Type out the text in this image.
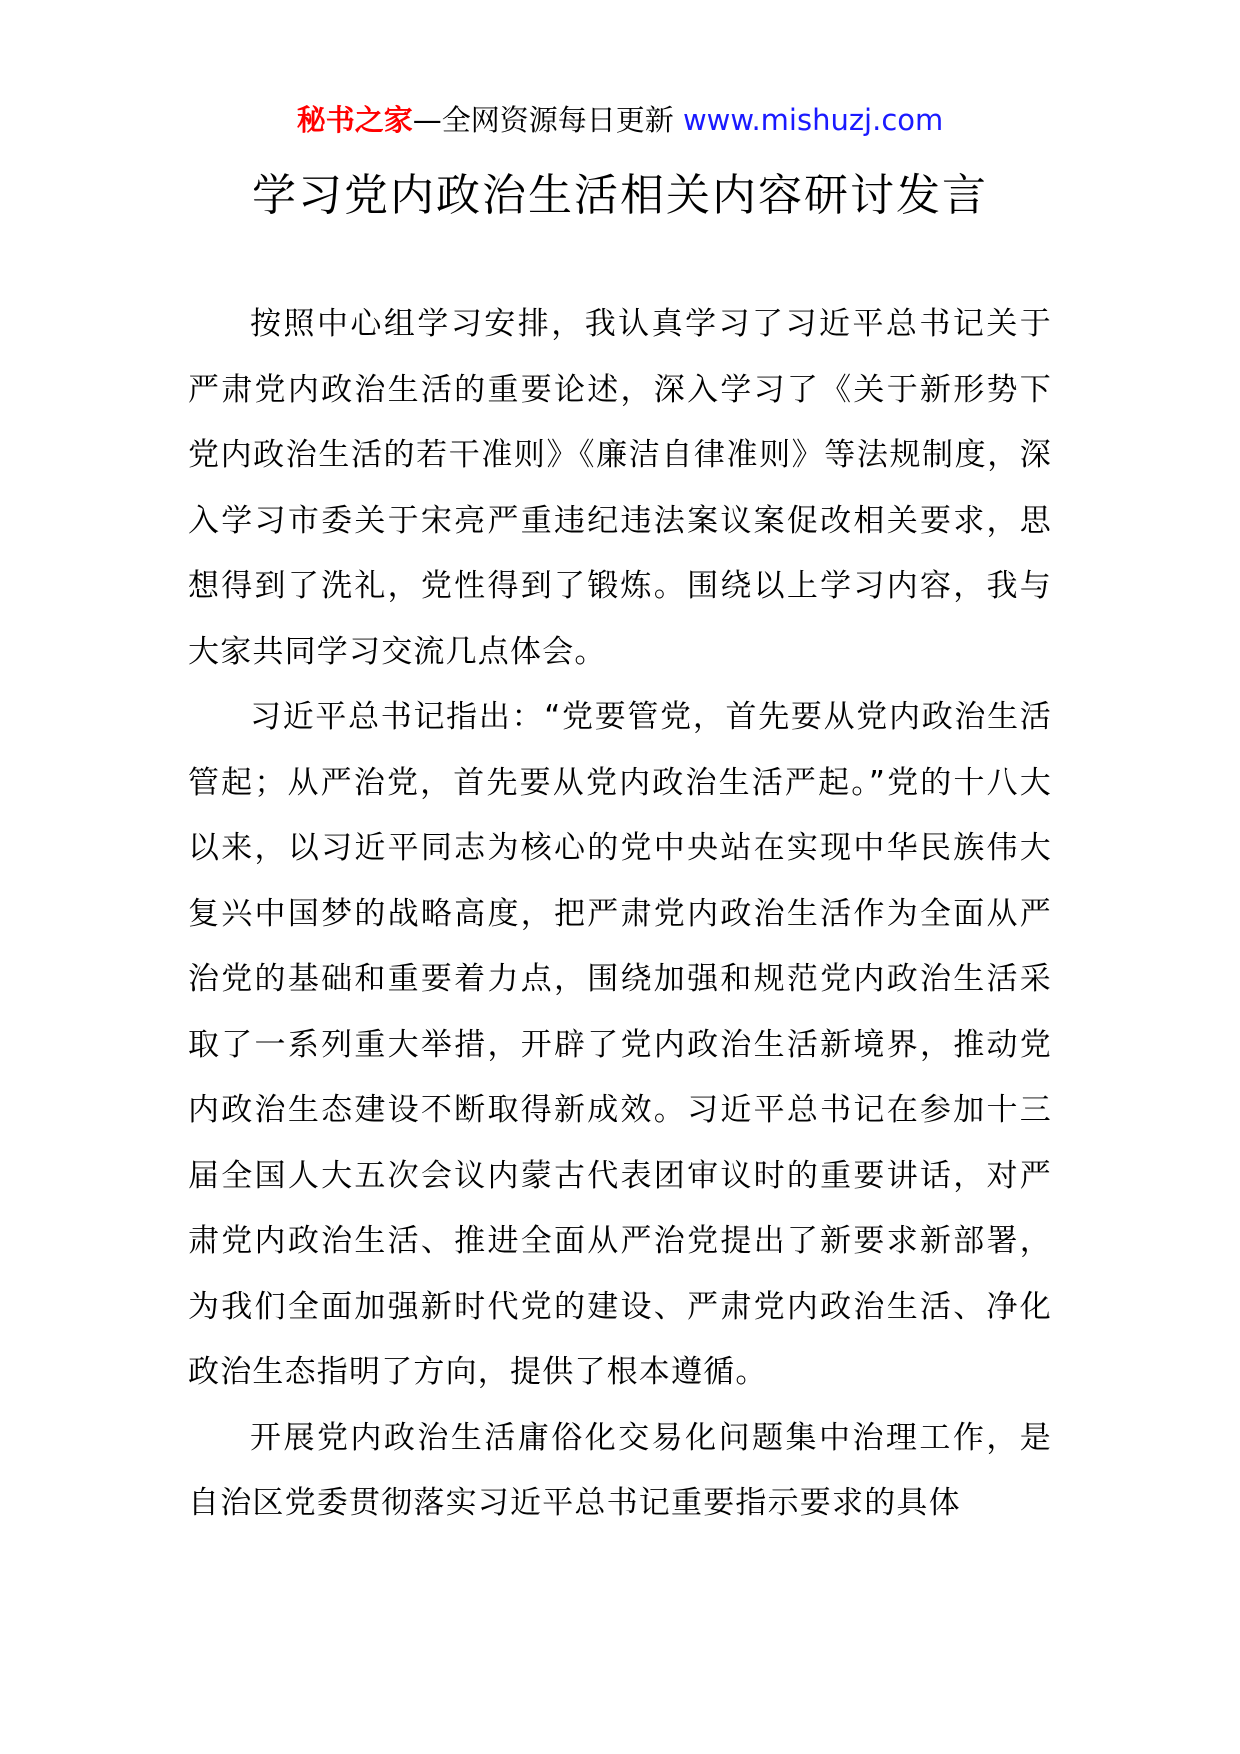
秘书之家—全网资源每日更新 www.mishuzj.com
学习党内政治生活相关内容研讨发言

按照中心组学习安排，我认真学习了习近平总书记关于严肃党内政治生活的重要论述，深入学习了《关于新形势下党内政治生活的若干准则》《廉洁自律准则》等法规制度，深入学习市委关于宋亮严重违纪违法案议案促改相关要求，思想得到了洗礼，党性得到了锻炼。围绕以上学习内容，我与大家共同学习交流几点体会。

习近平总书记指出：“党要管党，首先要从党内政治生活管起；从严治党，首先要从党内政治生活严起。”党的十八大以来，以习近平同志为核心的党中央站在实现中华民族伟大复兴中国梦的战略高度，把严肃党内政治生活作为全面从严治党的基础和重要着力点，围绕加强和规范党内政治生活采取了一系列重大举措，开辟了党内政治生活新境界，推动党内政治生态建设不断取得新成效。习近平总书记在参加十三届全国人大五次会议内蒙古代表团审议时的重要讲话，对严肃党内政治生活、推进全面从严治党提出了新要求新部署，为我们全面加强新时代党的建设、严肃党内政治生活、净化政治生态指明了方向，提供了根本遵循。

开展党内政治生活庸俗化交易化问题集中治理工作，是自治区党委贯彻落实习近平总书记重要指示要求的具体
